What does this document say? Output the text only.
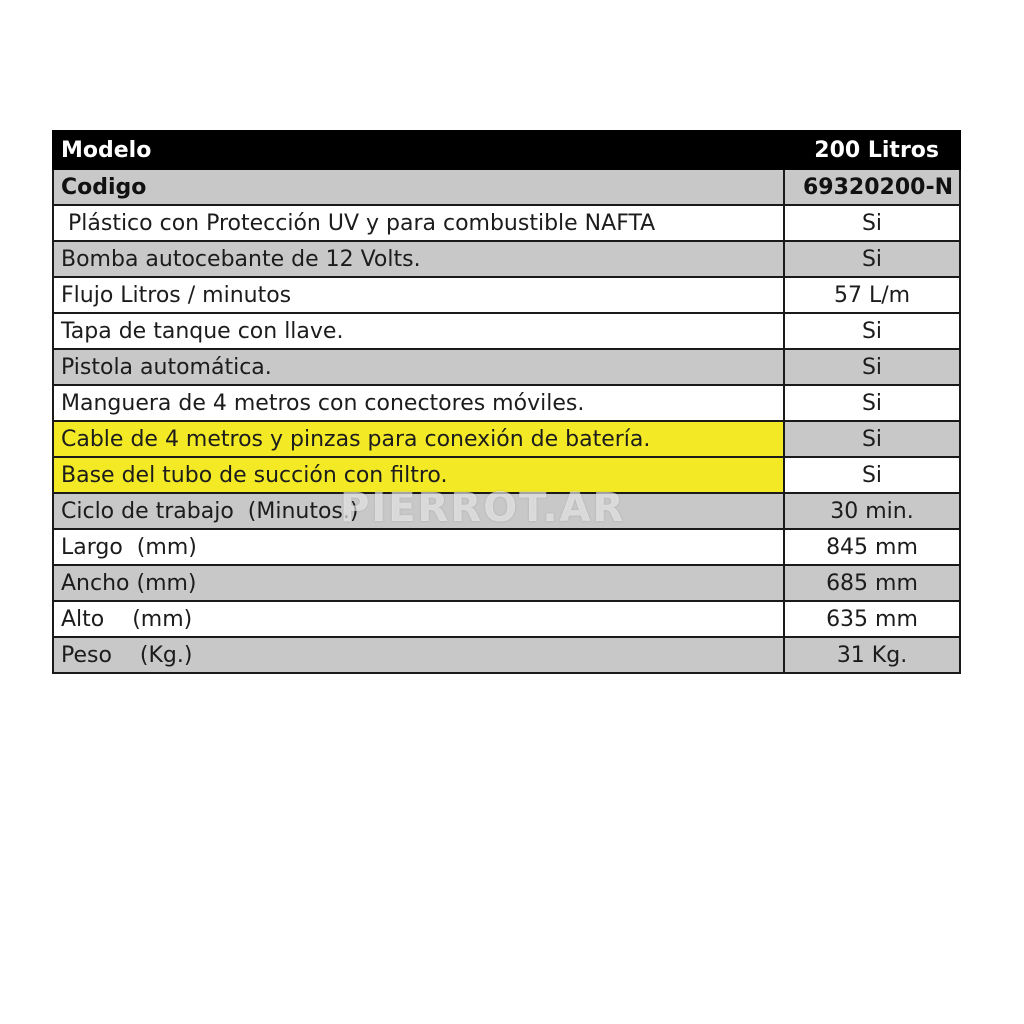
Modelo	200 Litros
Codigo	69320200-N
Plástico con Protección UV y para combustible NAFTA	Si
Bomba autocebante de 12 Volts.	Si
Flujo Litros / minutos	57 L/m
Tapa de tanque con llave.	Si
Pistola automática.	Si
Manguera de 4 metros con conectores móviles.	Si
Cable de 4 metros y pinzas para conexión de batería.	Si
Base del tubo de succión con filtro.	Si
Ciclo de trabajo  (Minutos.)	30 min.
Largo  (mm)	845 mm
Ancho (mm)	685 mm
Alto    (mm)	635 mm
Peso    (Kg.)	31 Kg.
PIERROT.AR
